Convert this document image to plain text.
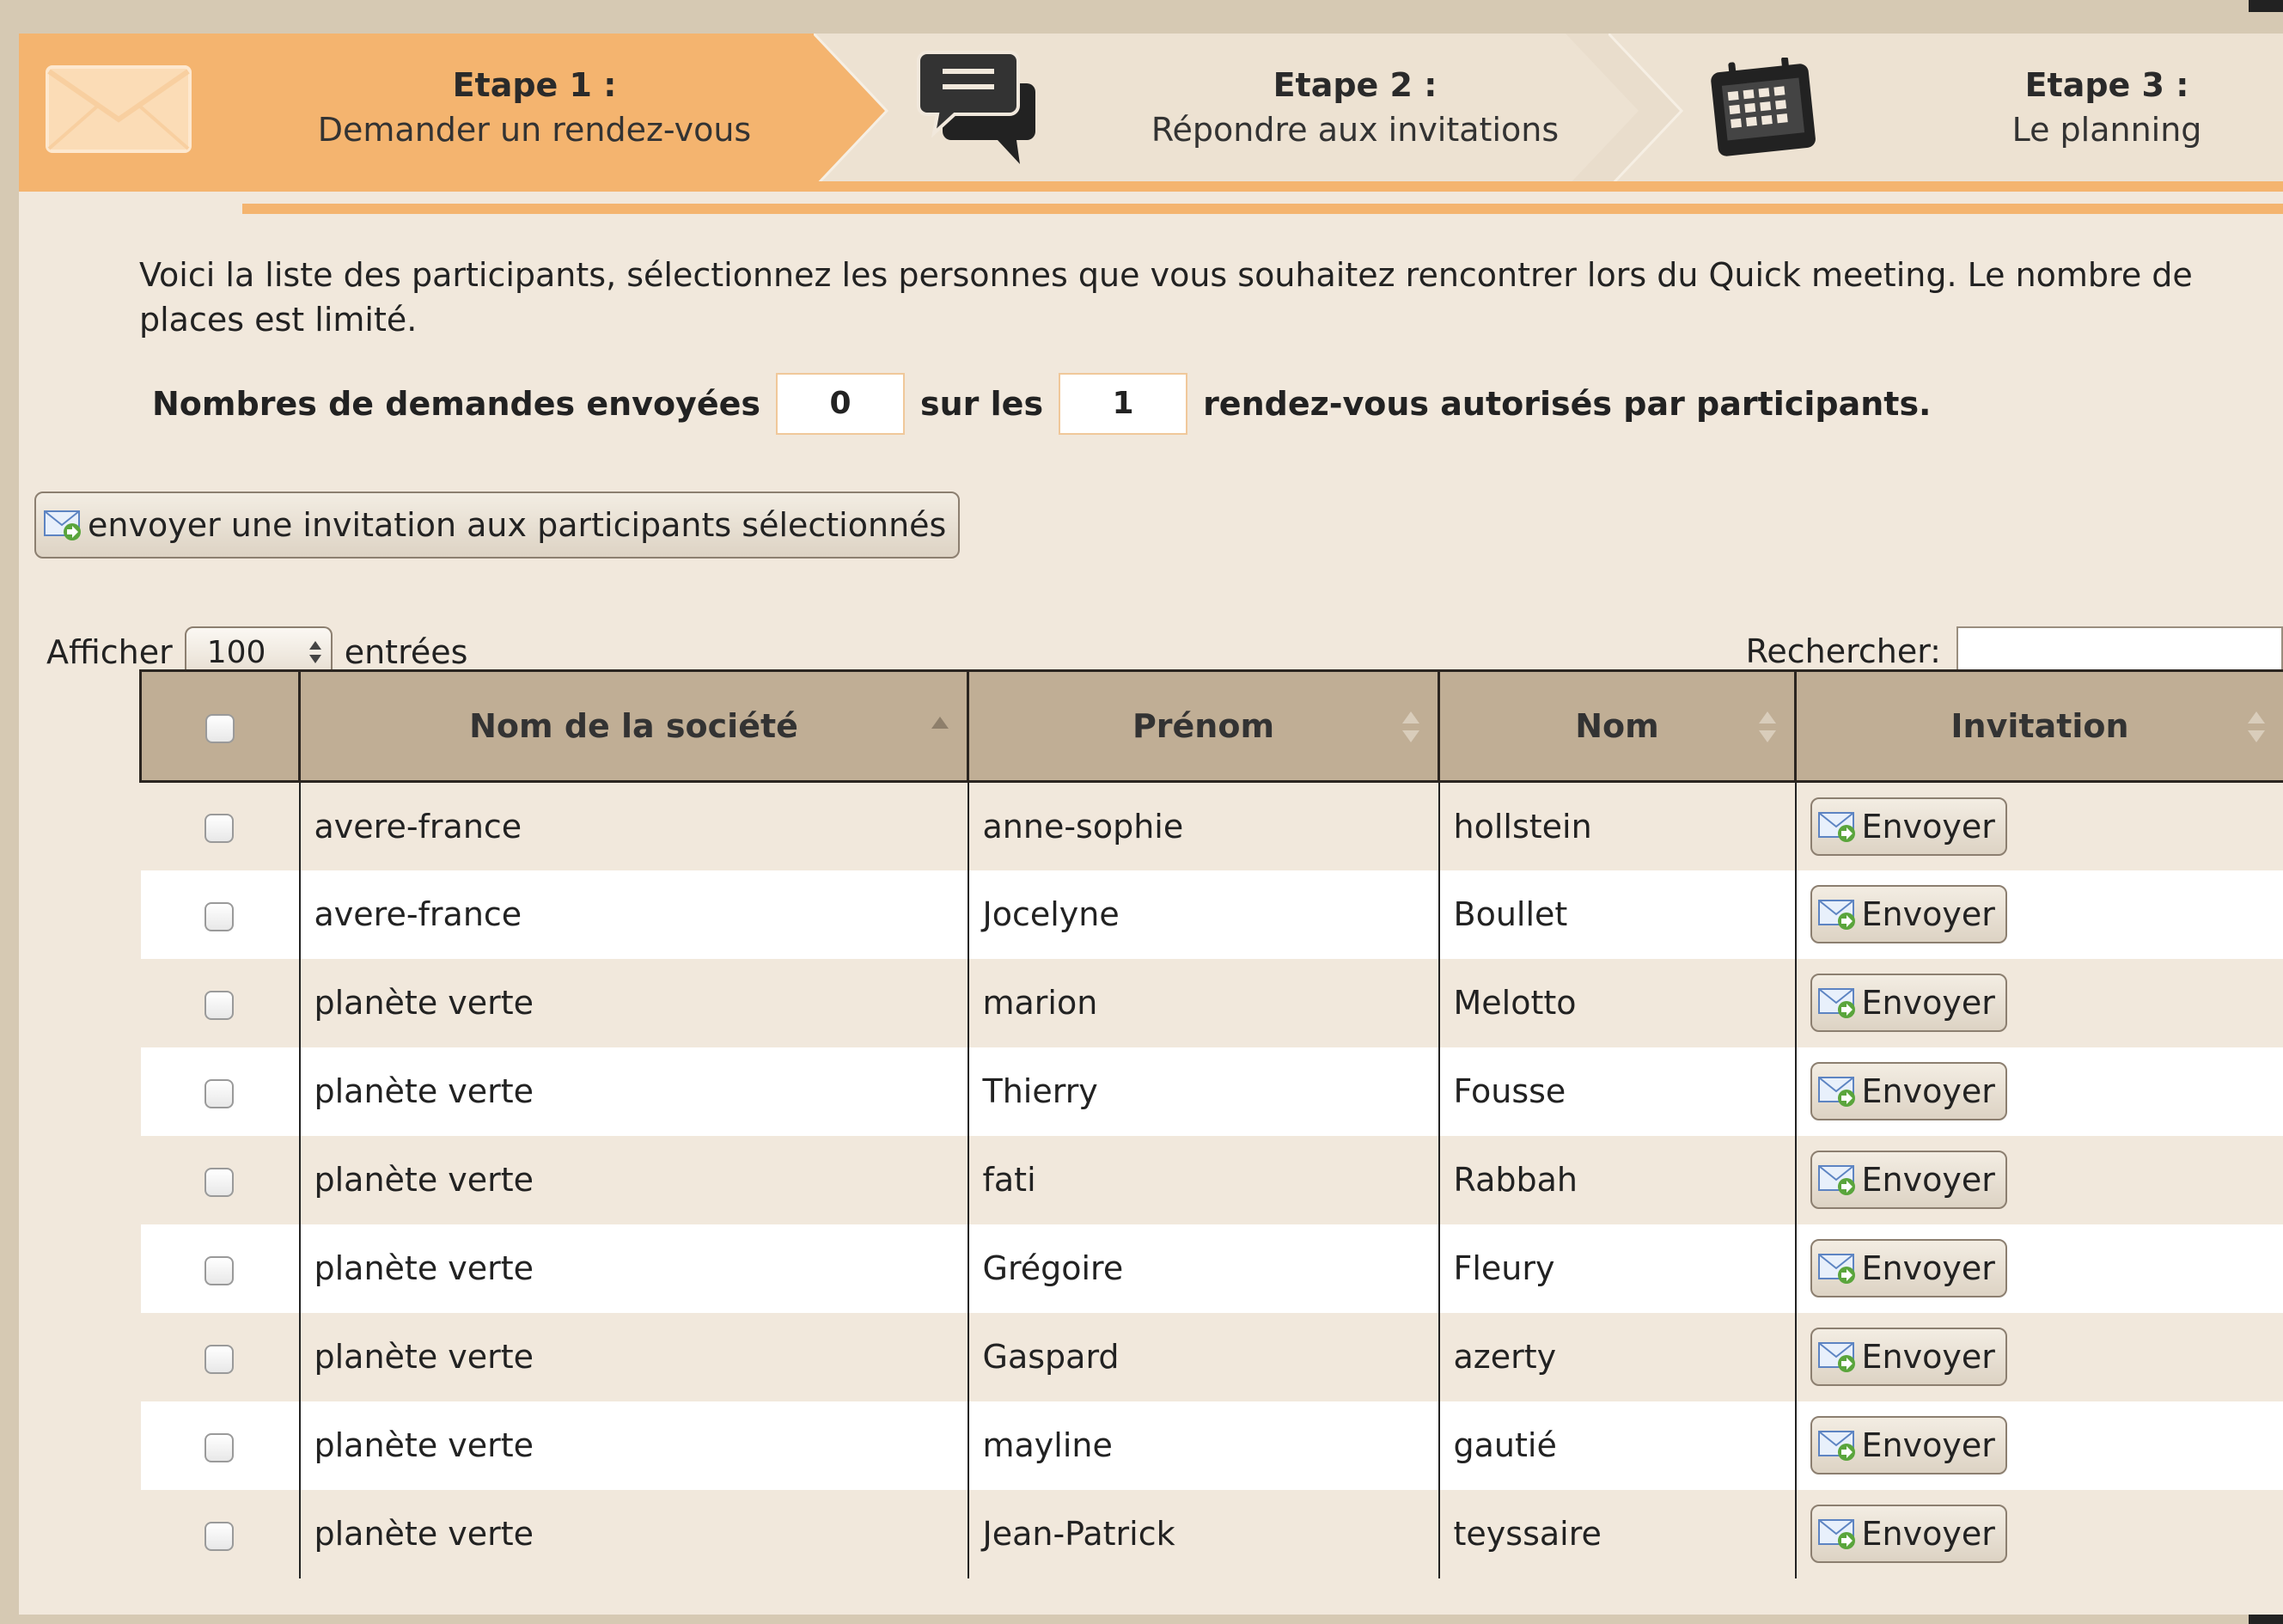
Etape 1 :
Demander un rendez-vous
Etape 2 :
Répondre aux invitations
Etape 3 :
Le planning
Voici la liste des participants, sélectionnez les personnes que vous souhaitez rencontrer lors du Quick meeting. Le nombre de places est limité.
Nombres de demandes envoyées	0	sur les	1	rendez-vous autorisés par participants.
envoyer une invitation aux participants sélectionnés
Afficher 100 entrées	Rechercher:
	Nom de la société	Prénom	Nom	Invitation

	avere-france	anne-sophie	hollstein	Envoyer

	avere-france	Jocelyne	Boullet	Envoyer

	planète verte	marion	Melotto	Envoyer

	planète verte	Thierry	Fousse	Envoyer

	planète verte	fati	Rabbah	Envoyer

	planète verte	Grégoire	Fleury	Envoyer

	planète verte	Gaspard	azerty	Envoyer

	planète verte	mayline	gautié	Envoyer

	planète verte	Jean-Patrick	teyssaire	Envoyer
